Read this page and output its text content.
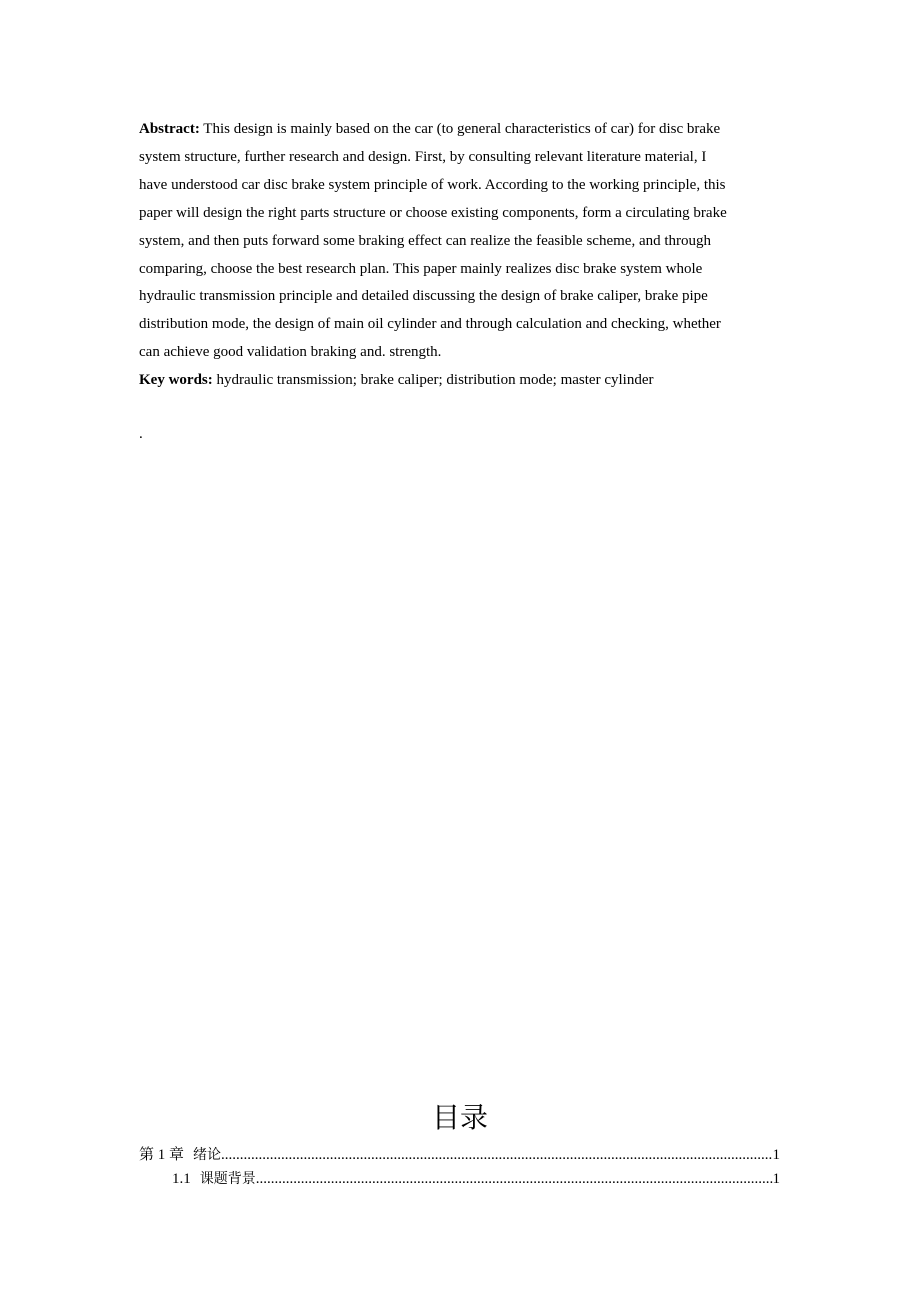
Abstract: This design is mainly based on the car (to general characteristics of car) for disc brake
system structure, further research and design. First, by consulting relevant literature material, I
have understood car disc brake system principle of work. According to the working principle, this
paper will design the right parts structure or choose existing components, form a circulating brake
system, and then puts forward some braking effect can realize the feasible scheme, and through
comparing, choose the best research plan. This paper mainly realizes disc brake system whole
hydraulic transmission principle and detailed discussing the design of brake caliper, brake pipe
distribution mode, the design of main oil cylinder and through calculation and checking, whether
can achieve good validation braking and. strength.
Key words: hydraulic transmission; brake caliper; distribution mode; master cylinder
.
目录
第 1 章 绪论 .....	1
1.1 课题背景 .....	1
